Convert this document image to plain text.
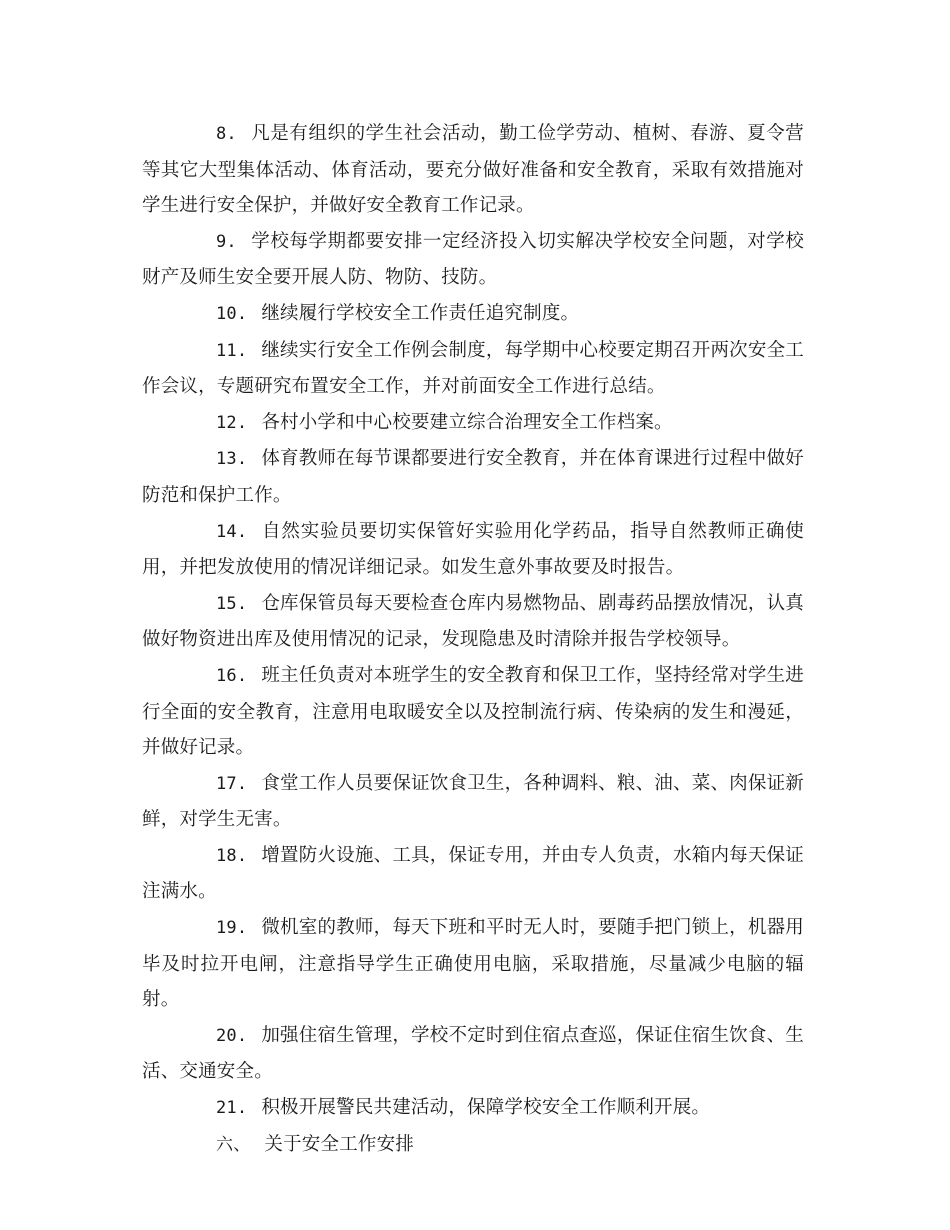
8. 凡是有组织的学生社会活动，勤工俭学劳动、植树、春游、夏令营等其它大型集体活动、体育活动，要充分做好准备和安全教育，采取有效措施对学生进行安全保护，并做好安全教育工作记录。

9. 学校每学期都要安排一定经济投入切实解决学校安全问题，对学校财产及师生安全要开展人防、物防、技防。

10. 继续履行学校安全工作责任追究制度。

11. 继续实行安全工作例会制度，每学期中心校要定期召开两次安全工作会议，专题研究布置安全工作，并对前面安全工作进行总结。

12. 各村小学和中心校要建立综合治理安全工作档案。

13. 体育教师在每节课都要进行安全教育，并在体育课进行过程中做好防范和保护工作。

14. 自然实验员要切实保管好实验用化学药品，指导自然教师正确使用，并把发放使用的情况详细记录。如发生意外事故要及时报告。

15. 仓库保管员每天要检查仓库内易燃物品、剧毒药品摆放情况，认真做好物资进出库及使用情况的记录，发现隐患及时清除并报告学校领导。

16. 班主任负责对本班学生的安全教育和保卫工作，坚持经常对学生进行全面的安全教育，注意用电取暖安全以及控制流行病、传染病的发生和漫延，并做好记录。

17. 食堂工作人员要保证饮食卫生，各种调料、粮、油、菜、肉保证新鲜，对学生无害。

18. 增置防火设施、工具，保证专用，并由专人负责，水箱内每天保证注满水。

19. 微机室的教师，每天下班和平时无人时，要随手把门锁上，机器用毕及时拉开电闸，注意指导学生正确使用电脑，采取措施，尽量减少电脑的辐射。

20. 加强住宿生管理，学校不定时到住宿点查巡，保证住宿生饮食、生活、交通安全。

21. 积极开展警民共建活动，保障学校安全工作顺利开展。

六、 关于安全工作安排
